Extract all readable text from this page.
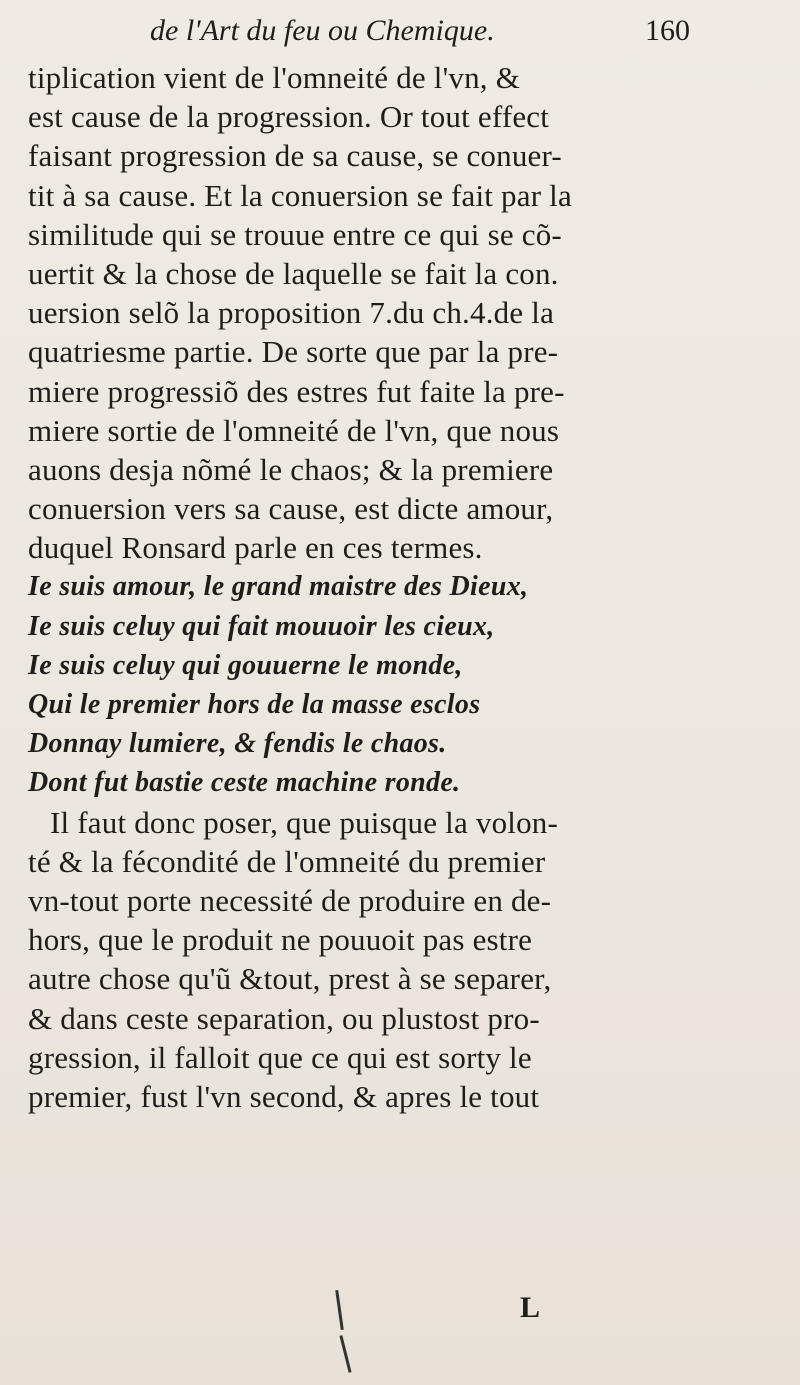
de l'Art du feu ou Chemique.	160
tiplication vient de l'omneité de l'vn, &
est cause de la progression. Or tout effect
faisant progression de sa cause, se conuer-
tit à sa cause. Et la conuersion se fait par la
similitude qui se trouue entre ce qui se cõ-
uertit & la chose de laquelle se fait la con.
uersion selõ la proposition 7.du ch.4.de la
quatriesme partie. De sorte que par la pre-
miere progressiõ des estres fut faite la pre-
miere sortie de l'omneité de l'vn, que nous
auons desja nõmé le chaos; & la premiere
conuersion vers sa cause, est dicte amour,
duquel Ronsard parle en ces termes.
Ie suis amour, le grand maistre des Dieux,
Ie suis celuy qui fait mouuoir les cieux,
Ie suis celuy qui gouuerne le monde,
Qui le premier hors de la masse esclos
Donnay lumiere, & fendis le chaos.
Dont fut bastie ceste machine ronde.
Il faut donc poser, que puisque la volon-
té & la fécondité de l'omneité du premier
vn-tout porte necessité de produire en de-
hors, que le produit ne pouuoit pas estre
autre chose qu'ũ &tout, prest à se separer,
& dans ceste separation, ou plustost pro-
gression, il falloit que ce qui est sorty le
premier, fust l'vn second, & apres le tout
L
